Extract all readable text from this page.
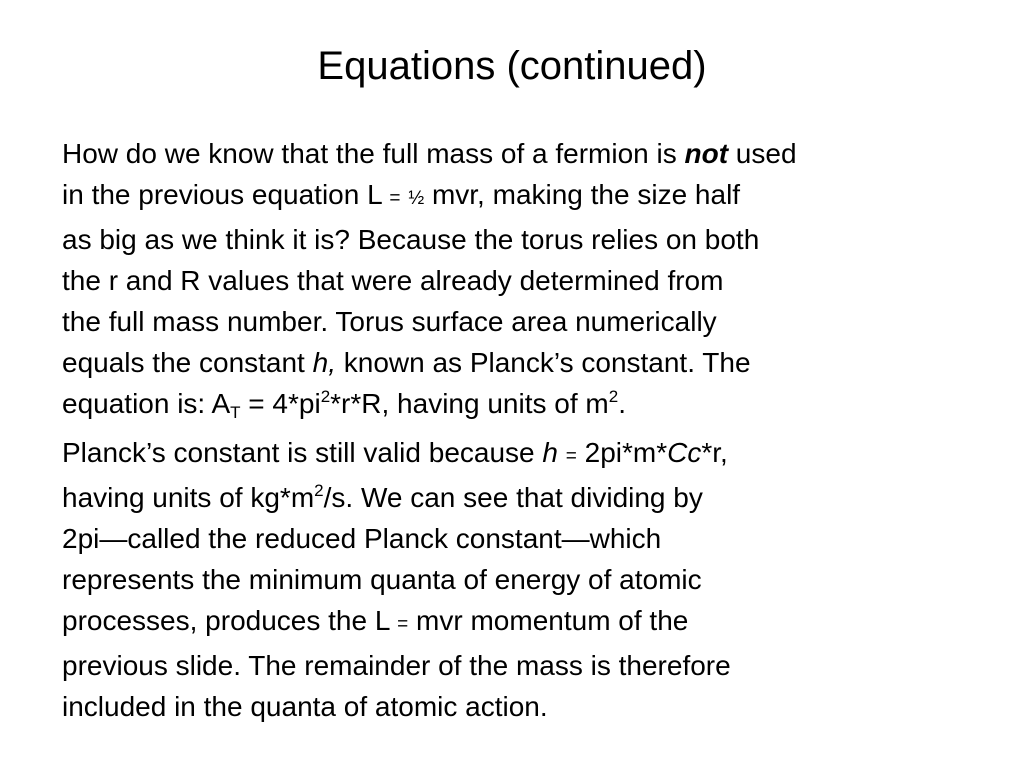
Equations (continued)

How do we know that the full mass of a fermion is not used
in the previous equation L = ½ mvr, making the size half
as big as we think it is? Because the torus relies on both
the r and R values that were already determined from
the full mass number. Torus surface area numerically
equals the constant h, known as Planck’s constant. The
equation is: $A_T = 4*pi^2*r*R$, having units of $m^2$.

Planck’s constant is still valid because h = 2pi*m*Cc*r,
having units of $kg*m^2/s$. We can see that dividing by
2pi—called the reduced Planck constant—which
represents the minimum quanta of energy of atomic
processes, produces the L = mvr momentum of the
previous slide. The remainder of the mass is therefore
included in the quanta of atomic action.
